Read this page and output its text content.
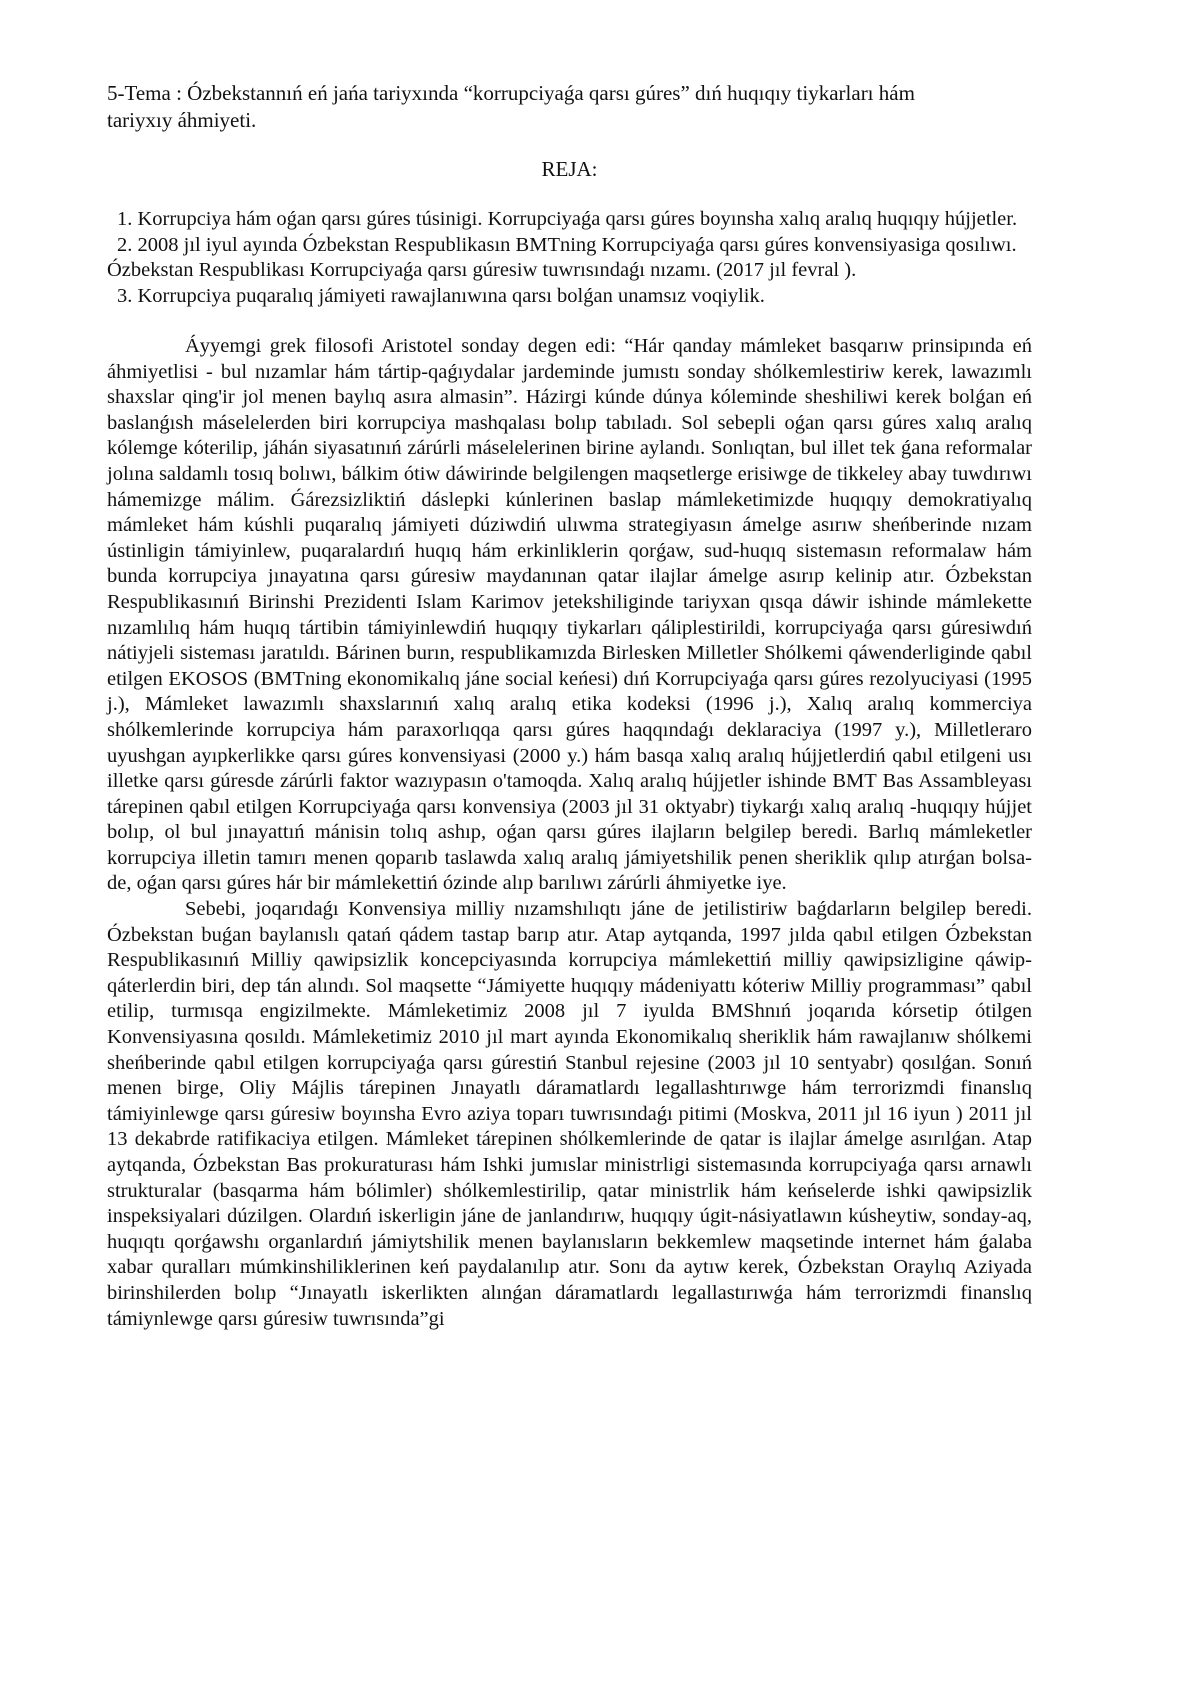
5-Tema : Ózbekstannıń eń jańa tariyxında “korrupciyaǵa qarsı gúres” dıń huqıqıy tiykarları hám tariyxıy áhmiyeti.

REJA:

1. Korrupciya hám oǵan qarsı gúres túsinigi. Korrupciyaǵa qarsı gúres boyınsha xalıq aralıq huqıqıy húјjetler.
2. 2008 jıl iyul ayında Ózbekstan Respublikasın BMTning Korrupciyaǵa qarsı gúres konvensiyasiga qosılıwı. Ózbekstan Respublikası Korrupciyaǵa qarsı gúresiw tuwrısındaǵı nızamı. (2017 jıl fevral ).
3. Korrupciya puqaralıq jámiyeti rawajlanıwına qarsı bolǵan unamsız voqiylik.

Áyyemgi grek filosofi Aristotel sonday degen edi: “Hár qanday mámleket basqarıw prinsipında eń áhmiyetlisi - bul nızamlar hám tártip-qaǵıydalar jardeminde jumıstı sonday shólkemlestiriw kerek, lawazımlı shaxslar qing'ir jol menen baylıq asıra almasin”. Házirgi kúnde dúnya kóleminde sheshiliwi kerek bolǵan eń baslanǵısh máselelerden biri korrupciya mashqalası bolıp tabıladı. Sol sebepli oǵan qarsı gúres xalıq aralıq kólemge kóterilip, jáhán siyasatınıń zárúrli máselelerinen birine aylandı. Sonlıqtan, bul illet tek ǵana reformalar jolına saldamlı tosıq bolıwı, bálkim ótiw dáwirinde belgilengen maqsetlerge erisiwge de tikkeley abay tuwdırıwı hámemizge málim. Ǵárezsizliktiń dáslepki kúnlerinen baslap mámleketimizde huqıqıy demokratiyalıq mámleket hám kúshli puqaralıq jámiyeti dúziwdiń ulıwma strategiyasın ámelge asırıw sheńberinde nızam ústinligin támiyinlew, puqaralardıń huqıq hám erkinliklerin qorǵaw, sud-huqıq sistemasın reformalaw hám bunda korrupciya jınayatına qarsı gúresiw maydanınan qatar ilajlar ámelge asırıp kelinip atır. Ózbekstan Respublikasınıń Birinshi Prezidenti Islam Karimov jetekshiliginde tariyxan qısqa dáwir ishinde mámlekette nızamlılıq hám huqıq tártibin támiyinlewdiń huqıqıy tiykarları qáliplestirildi, korrupciyaǵa qarsı gúresiwdıń nátiyjeli sisteması jaratıldı. Bárinen burın, respublikamızda Birlesken Milletler Shólkemi qáwenderliginde qabıl etilgen EKOSOS (BMTning ekonomikalıq jáne social keńesi) dıń Korrupciyaǵa qarsı gúres rezolyuciyasi (1995 j.), Mámleket lawazımlı shaxslarınıń xalıq aralıq etika kodeksi (1996 j.), Xalıq aralıq kommerciya shólkemlerinde korrupciya hám paraxorlıqqa qarsı gúres haqqındaǵı deklaraciya (1997 y.), Milletleraro uyushgan ayıpkerlikke qarsı gúres konvensiyasi (2000 y.) hám basqa xalıq aralıq hújjetlerdiń qabıl etilgeni usı illetke qarsı gúresde zárúrli faktor wazıypasın o'tamoqda. Xalıq aralıq hújjetler ishinde BMT Bas Assambleyası tárepinen qabıl etilgen Korrupciyaǵa qarsı konvensiya (2003 jıl 31 oktyabr) tiykarǵı xalıq aralıq -huqıqıy hújjet bolıp, ol bul jınayattıń mánisin tolıq ashıp, oǵan qarsı gúres ilajların belgilep beredi. Barlıq mámleketler korrupciya illetin tamırı menen qoparıb taslawda xalıq aralıq jámiyetshilik penen sheriklik qılıp atırǵan bolsa-de, oǵan qarsı gúres hár bir mámlekettiń ózinde alıp barılıwı zárúrli áhmiyetke iye.

Sebebi, joqarıdaǵı Konvensiya milliy nızamshılıqtı jáne de jetilistiriw baǵdarların belgilep beredi. Ózbekstan buǵan baylanıslı qatań qádem tastap barıp atır. Atap aytqanda, 1997 jılda qabıl etilgen Ózbekstan Respublikasınıń Milliy qawipsizlik koncepciyasında korrupciya mámlekettiń milliy qawipsizligine qáwip-qáterlerdin biri, dep tán alındı. Sol maqsette “Jámiyette huqıqıy mádeniyattı kóteriw Milliy programması” qabıl etilip, turmısqa engizilmekte. Mámleketimiz 2008 jıl 7 iyulda BMShnıń joqarıda kórsetip ótilgen Konvensiyasına qosıldı. Mámleketimiz 2010 jıl mart ayında Ekonomikalıq sheriklik hám rawajlanıw shólkemi sheńberinde qabıl etilgen korrupciyaǵa qarsı gúrestiń Stanbul rejesine (2003 jıl 10 sentyabr) qosılǵan. Sonıń menen birge, Oliy Májlis tárepinen Jınayatlı dáramatlardı legallashtırıwge hám terrorizmdi finanslıq támiyinlewge qarsı gúresiw boyınsha Evro aziya toparı tuwrısındaǵı pitimi (Moskva, 2011 jıl 16 iyun ) 2011 jıl 13 dekabrde ratifikaciya etilgen. Mámleket tárepinen shólkemlerinde de qatar is ilajlar ámelge asırılǵan. Atap aytqanda, Ózbekstan Bas prokuraturası hám Ishki jumıslar ministrligi sistemasında korrupciyaǵa qarsı arnawlı strukturalar (basqarma hám bólimler) shólkemlestirilip, qatar ministrlik hám keńselerde ishki qawipsizlik inspeksiyalari dúzilgen. Olardıń iskerligin jáne de janlandırıw, huqıqıy úgit-násiyatlawın kúsheytiw, sonday-aq, huqıqtı qorǵawshı organlardıń jámiytshilik menen baylanısların bekkemlew maqsetinde internet hám ǵalaba xabar quralları múmkinshiliklerinen keń paydalanılıp atır. Sonı da aytıw kerek, Ózbekstan Oraylıq Aziyada birinshilerden bolıp “Jınayatlı iskerlikten alınǵan dáramatlardı legallastırıwǵa hám terrorizmdi finanslıq támiynlewge qarsı gúresiw tuwrısında”gi
